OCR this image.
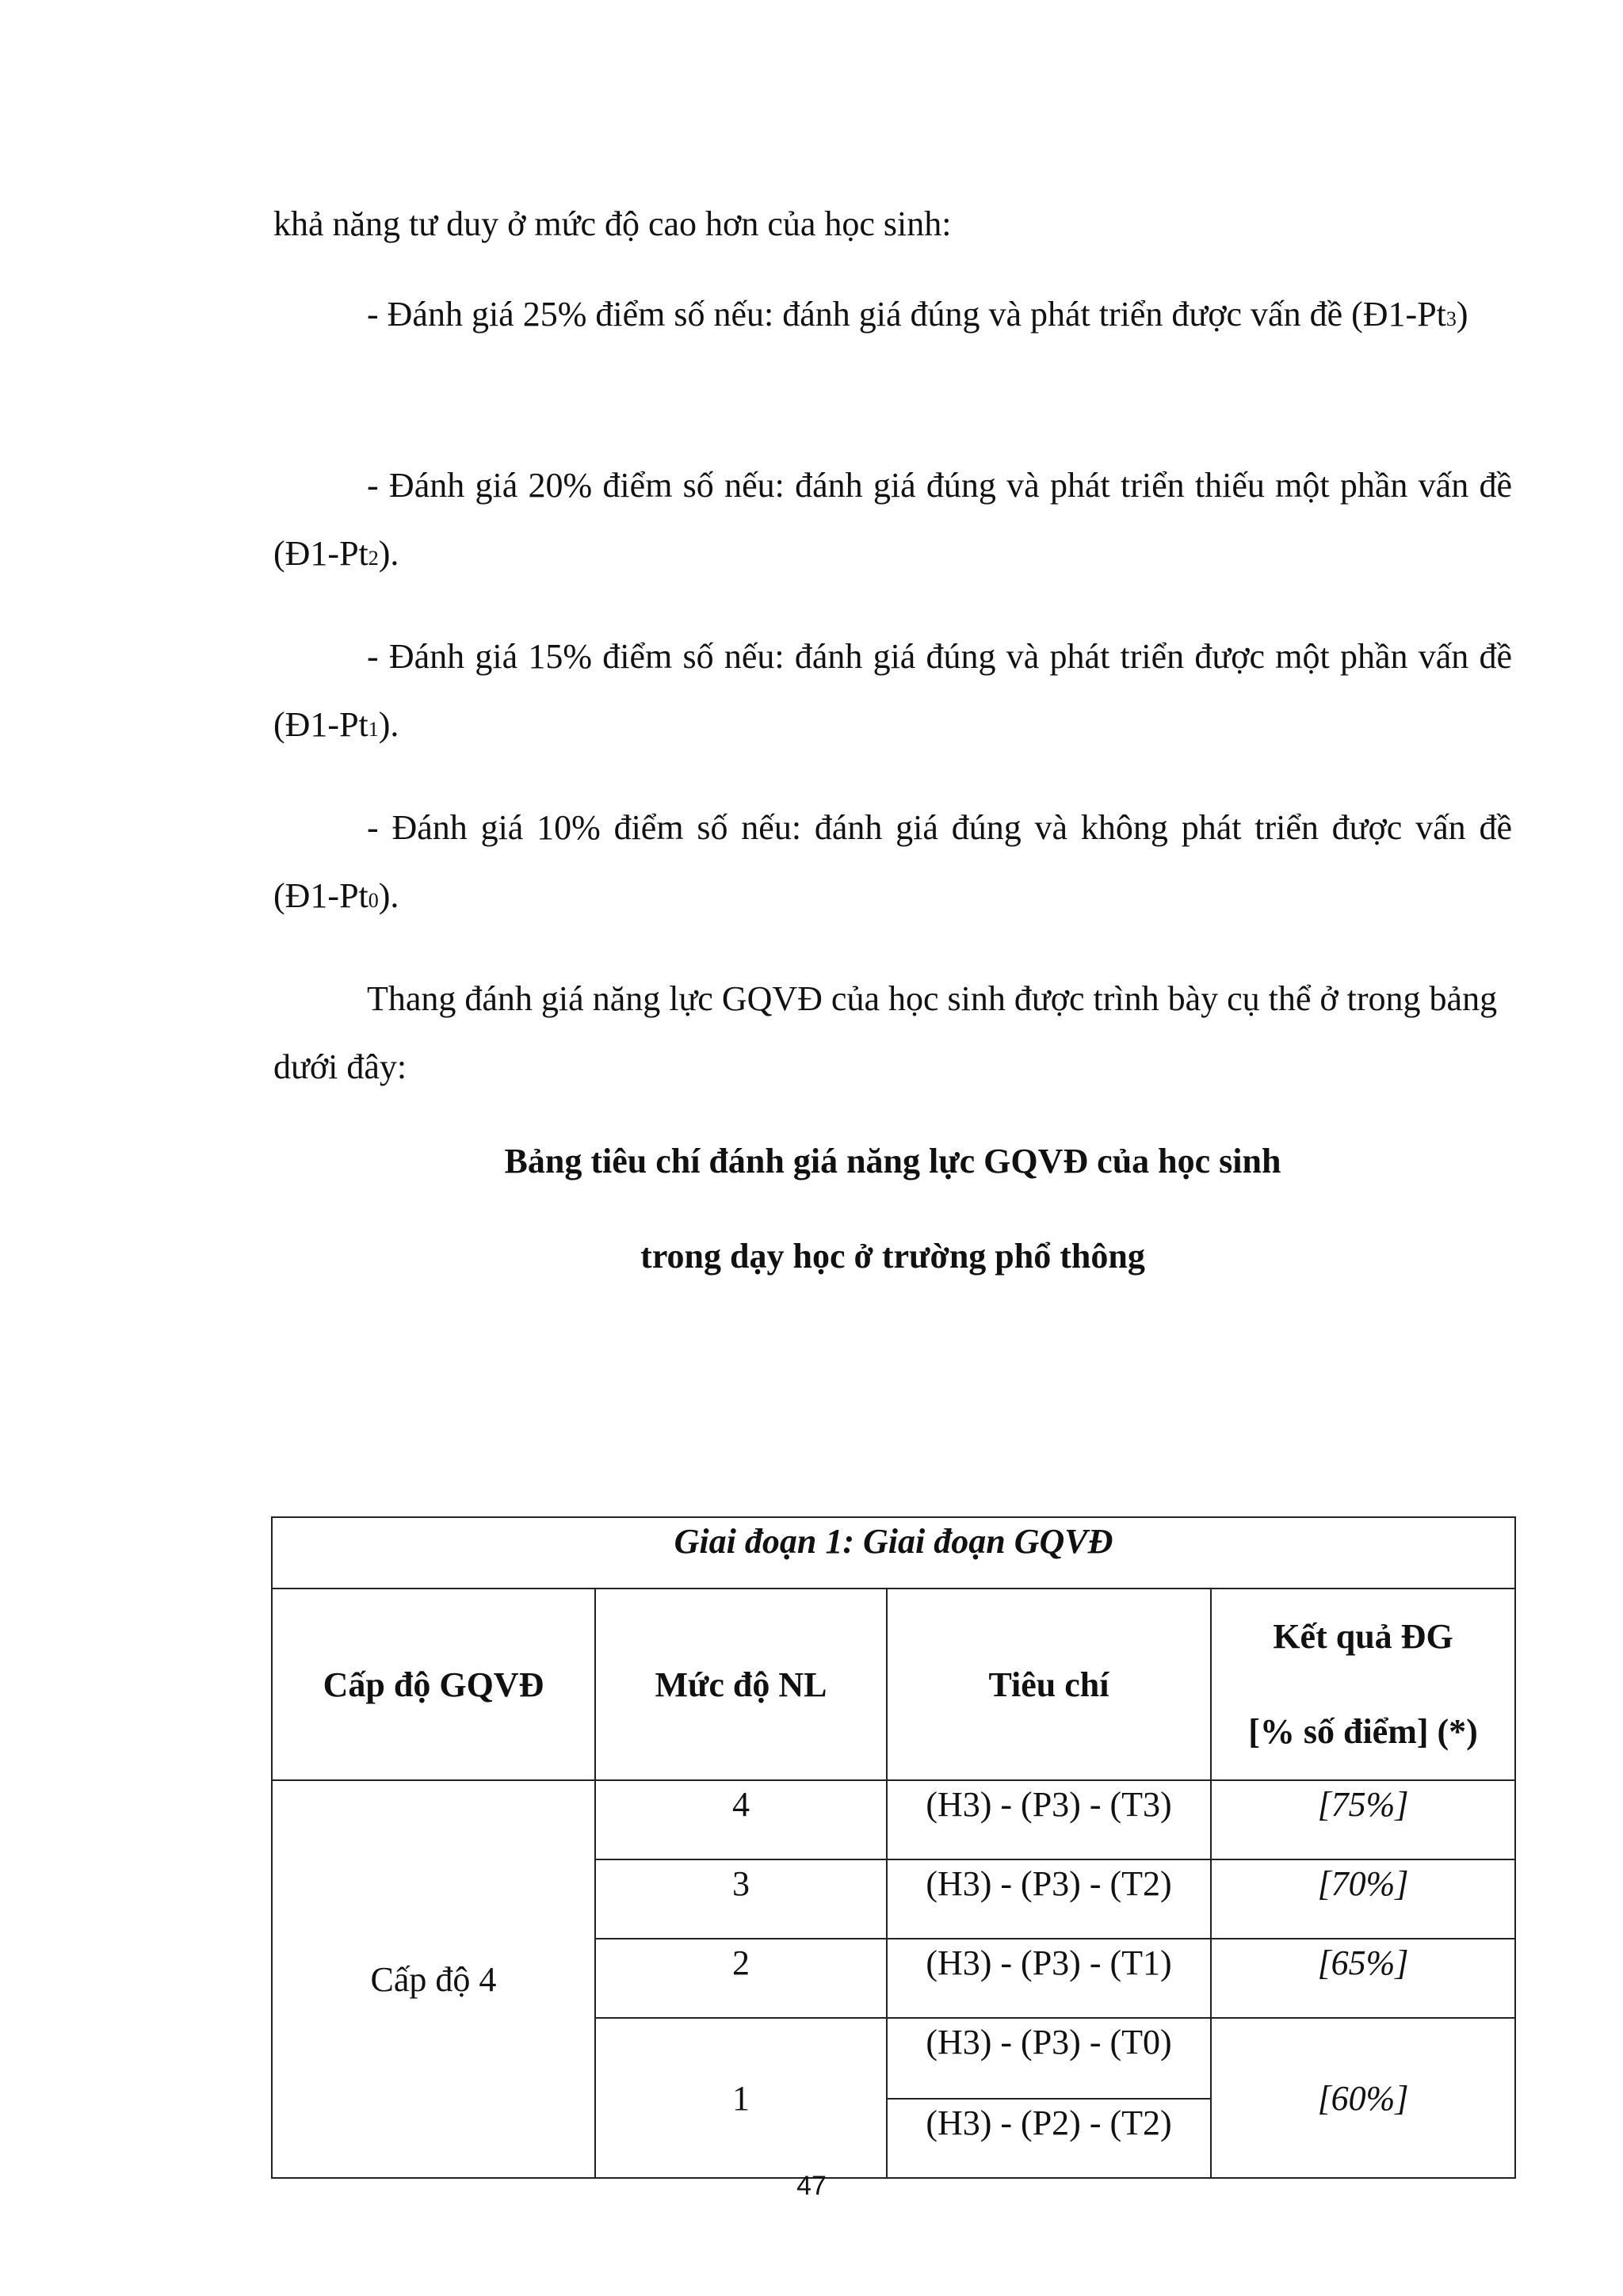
khả năng tư duy ở mức độ cao hơn của học sinh:

- Đánh giá 25% điểm số nếu: đánh giá đúng và phát triển được vấn đề (Đ1-Pt3)

- Đánh giá 20% điểm số nếu: đánh giá đúng và phát triển thiếu một phần vấn đề (Đ1-Pt2).

- Đánh giá 15% điểm số nếu: đánh giá đúng và phát triển được một phần vấn đề (Đ1-Pt1).

- Đánh giá 10% điểm số nếu: đánh giá đúng và không phát triển được vấn đề (Đ1-Pt0).

Thang đánh giá năng lực GQVĐ của học sinh được trình bày cụ thể ở trong bảng dưới đây:

Bảng tiêu chí đánh giá năng lực GQVĐ của học sinh

trong dạy học ở trường phổ thông

Giai đoạn 1: Giai đoạn GQVĐ			
Cấp độ GQVĐ	Mức độ NL	Tiêu chí	Kết quả ĐG
[% số điểm] (*)

Cấp độ 4	4	(H3) - (P3) - (T3)	[75%]
	3	(H3) - (P3) - (T2)	[70%]
	2	(H3) - (P3) - (T1)	[65%]
	1	(H3) - (P3) - (T0)	[60%]
		(H3) - (P2) - (T2)	
47
